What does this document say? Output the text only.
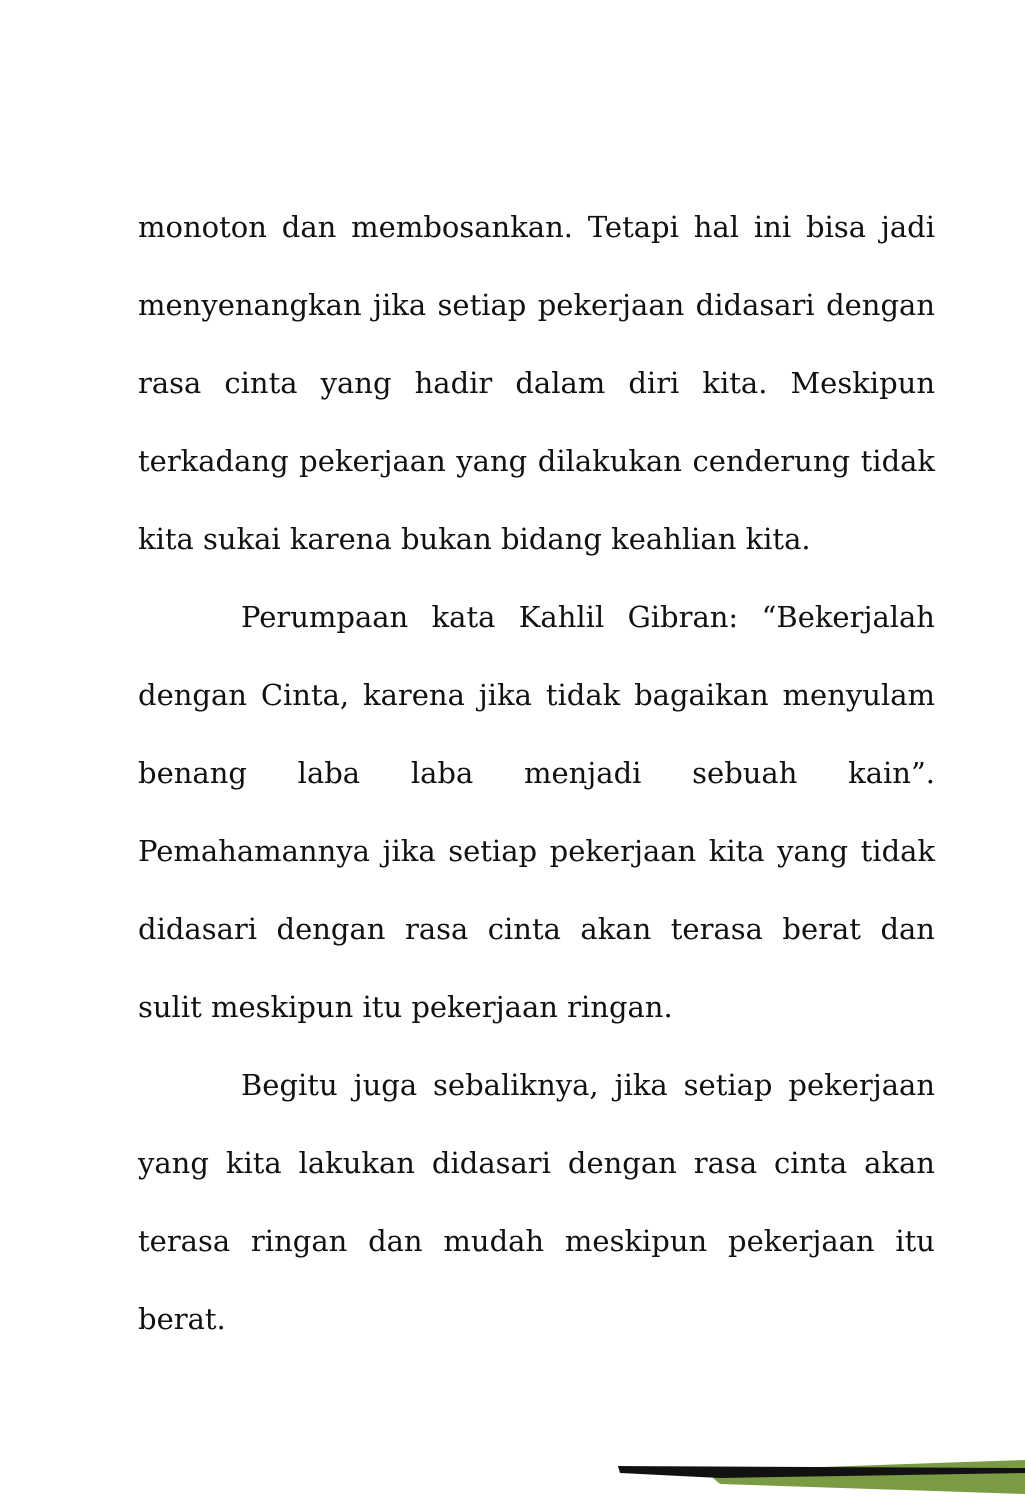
monoton dan membosankan. Tetapi hal ini bisa jadi menyenangkan jika setiap pekerjaan didasari dengan rasa cinta yang hadir dalam diri kita. Meskipun terkadang pekerjaan yang dilakukan cenderung tidak kita sukai karena bukan bidang keahlian kita.

Perumpaan kata Kahlil Gibran: “Bekerjalah dengan Cinta, karena jika tidak bagaikan menyulam benang laba laba menjadi sebuah kain”. Pemahamannya jika setiap pekerjaan kita yang tidak didasari dengan rasa cinta akan terasa berat dan sulit meskipun itu pekerjaan ringan.

Begitu juga sebaliknya, jika setiap pekerjaan yang kita lakukan didasari dengan rasa cinta akan terasa ringan dan mudah meskipun pekerjaan itu berat.
